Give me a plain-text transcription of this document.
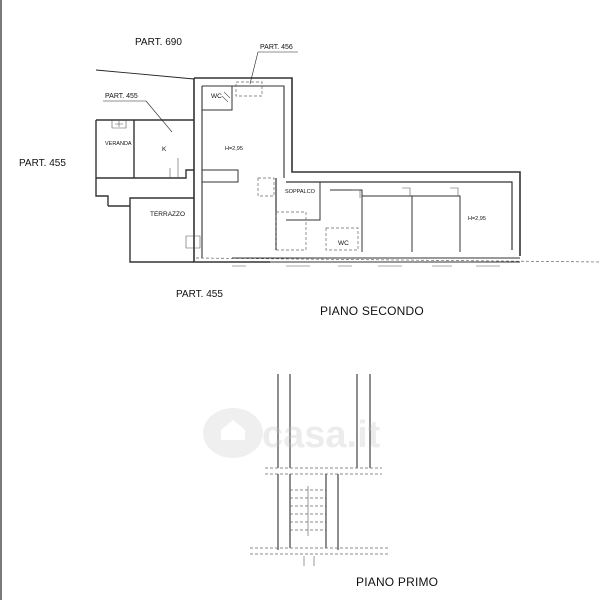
PART. 690	PART. 456
PART. 455
PART. 455
PART. 455
VERANDA
K
WC
H=2,95
TERRAZZO
SOPPALCO
WC
H=2,95
PIANO SECONDO
PIANO PRIMO
casa.it
